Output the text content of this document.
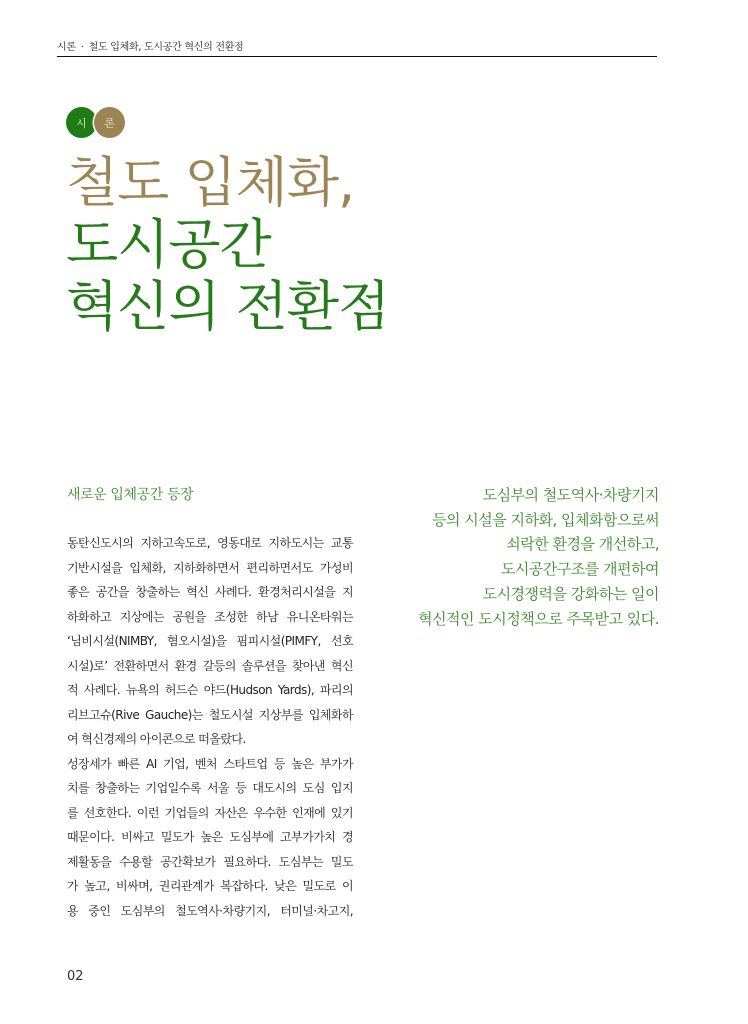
시론 · 철도 입체화, 도시공간 혁신의 전환점
시 론
철도 입체화,
도시공간
혁신의 전환점
새로운 입체공간 등장
동탄신도시의 지하고속도로, 영동대로 지하도시는 교통
기반시설을 입체화, 지하화하면서 편리하면서도 가성비
좋은 공간을 창출하는 혁신 사례다. 환경처리시설을 지
하화하고 지상에는 공원을 조성한 하남 유니온타워는
‘님비시설(NIMBY, 혐오시설)을 핌피시설(PIMFY, 선호
시설)로’ 전환하면서 환경 갈등의 솔루션을 찾아낸 혁신
적 사례다. 뉴욕의 허드슨 야드(Hudson Yards), 파리의
리브고슈(Rive Gauche)는 철도시설 지상부를 입체화하
여 혁신경제의 아이콘으로 떠올랐다.
성장세가 빠른 AI 기업, 벤처 스타트업 등 높은 부가가
치를 창출하는 기업일수록 서울 등 대도시의 도심 입지
를 선호한다. 이런 기업들의 자산은 우수한 인재에 있기
때문이다. 비싸고 밀도가 높은 도심부에 고부가가치 경
제활동을 수용할 공간확보가 필요하다. 도심부는 밀도
가 높고, 비싸며, 권리관계가 복잡하다. 낮은 밀도로 이
용 중인 도심부의 철도역사·차량기지, 터미널·차고지,
도심부의 철도역사·차량기지
등의 시설을 지하화, 입체화함으로써
쇠락한 환경을 개선하고,
도시공간구조를 개편하여
도시경쟁력을 강화하는 일이
혁신적인 도시정책으로 주목받고 있다.
02
